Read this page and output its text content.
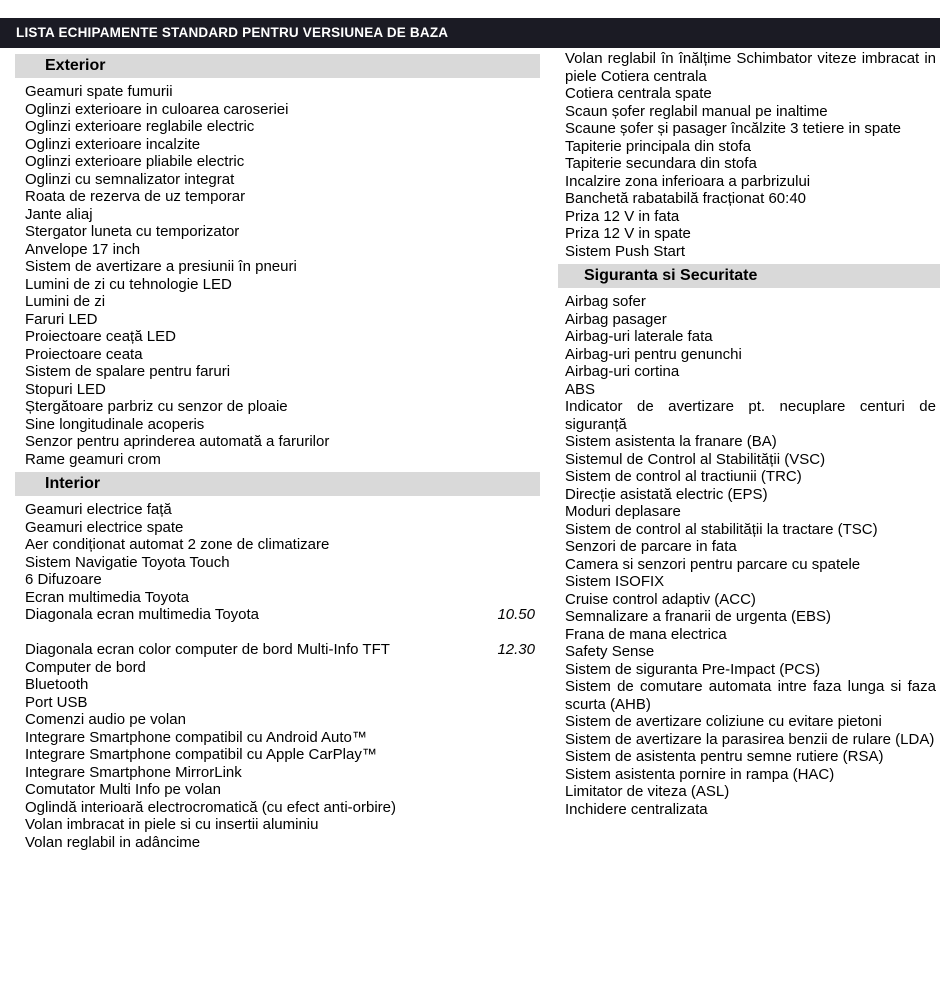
LISTA ECHIPAMENTE STANDARD PENTRU VERSIUNEA DE BAZA
Exterior
Geamuri spate fumurii
Oglinzi exterioare in culoarea caroseriei
Oglinzi exterioare reglabile electric
Oglinzi exterioare incalzite
Oglinzi exterioare pliabile electric
Oglinzi cu semnalizator integrat
Roata de rezerva de uz temporar
Jante aliaj
Stergator luneta cu temporizator
Anvelope 17 inch
Sistem de avertizare a presiunii în pneuri
Lumini de zi cu tehnologie LED
Lumini de zi
Faruri LED
Proiectoare ceață LED
Proiectoare ceata
Sistem de spalare pentru faruri
Stopuri LED
Ștergătoare parbriz cu senzor de ploaie
Sine longitudinale acoperis
Senzor pentru aprinderea automată a farurilor
Rame geamuri crom
Interior
Geamuri electrice față
Geamuri electrice spate
Aer condiționat automat 2 zone de climatizare
Sistem Navigatie Toyota Touch
6 Difuzoare
Ecran multimedia Toyota
Diagonala ecran multimedia Toyota	10.50
Diagonala ecran color computer de bord Multi-Info TFT	12.30
Computer de bord
Bluetooth
Port USB
Comenzi audio pe volan
Integrare Smartphone compatibil cu Android Auto™
Integrare Smartphone compatibil cu Apple CarPlay™
Integrare Smartphone MirrorLink
Comutator Multi Info pe volan
Oglindă interioară electrocromatică (cu efect anti-orbire)
Volan imbracat in piele si cu insertii aluminiu
Volan reglabil in adâncime
Volan reglabil în înălțime Schimbator viteze imbracat in piele Cotiera centrala
Cotiera centrala spate
Scaun șofer reglabil manual pe inaltime
Scaune șofer și pasager încălzite 3 tetiere in spate
Tapiterie principala din stofa
Tapiterie secundara din stofa
Incalzire zona inferioara a parbrizului
Banchetă rabatabilă fracționat 60:40
Priza 12 V in fata
Priza 12 V in spate
Sistem Push Start
Siguranta si Securitate
Airbag sofer
Airbag pasager
Airbag-uri laterale fata
Airbag-uri pentru genunchi
Airbag-uri cortina
ABS
Indicator de avertizare pt. necuplare centuri de siguranță
Sistem asistenta la franare (BA)
Sistemul de Control al Stabilității (VSC)
Sistem de control al tractiunii (TRC)
Direcție asistată electric (EPS)
Moduri deplasare
Sistem de control al stabilității la tractare (TSC)
Senzori de parcare in fata
Camera si senzori pentru parcare cu spatele
Sistem ISOFIX
Cruise control adaptiv (ACC)
Semnalizare a franarii de urgenta (EBS)
Frana de mana electrica
Safety Sense
Sistem de siguranta Pre-Impact (PCS)
Sistem de comutare automata intre faza lunga si faza scurta (AHB)
Sistem de avertizare coliziune cu evitare pietoni
Sistem de avertizare la parasirea benzii de rulare (LDA)
Sistem de asistenta pentru semne rutiere (RSA)
Sistem asistenta pornire in rampa (HAC)
Limitator de viteza (ASL)
Inchidere centralizata
